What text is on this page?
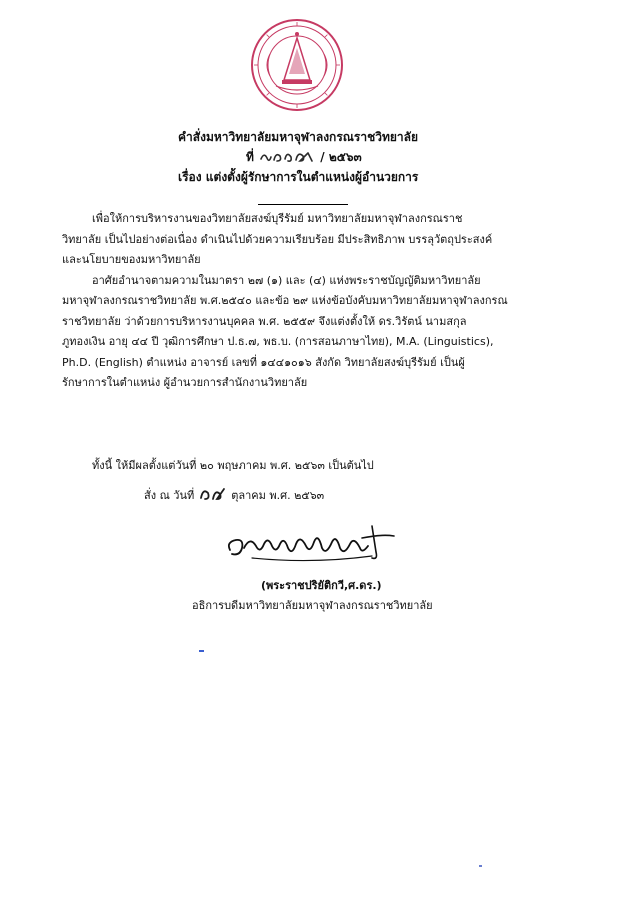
คำสั่งมหาวิทยาลัยมหาจุฬาลงกรณราชวิทยาลัย
ที่	/ ๒๕๖๓
เรื่อง แต่งตั้งผู้รักษาการในตำแหน่งผู้อำนวยการ

เพื่อให้การบริหารงานของวิทยาลัยสงฆ์บุรีรัมย์ มหาวิทยาลัยมหาจุฬาลงกรณราช

วิทยาลัย เป็นไปอย่างต่อเนื่อง ดำเนินไปด้วยความเรียบร้อย มีประสิทธิภาพ บรรลุวัตถุประสงค์

และนโยบายของมหาวิทยาลัย

อาศัยอำนาจตามความในมาตรา ๒๗ (๑) และ (๔) แห่งพระราชบัญญัติมหาวิทยาลัย

มหาจุฬาลงกรณราชวิทยาลัย พ.ศ.๒๕๔๐ และข้อ ๒๙ แห่งข้อบังคับมหาวิทยาลัยมหาจุฬาลงกรณ

ราชวิทยาลัย ว่าด้วยการบริหารงานบุคคล พ.ศ. ๒๕๕๙ จึงแต่งตั้งให้ ดร.วิรัตน์ นามสกุล

ภูทองเงิน อายุ ๔๔ ปี วุฒิการศึกษา ป.ธ.๗, พธ.บ. (การสอนภาษาไทย), M.A. (Linguistics),

Ph.D. (English) ตำแหน่ง อาจารย์ เลขที่ ๑๔๔๑๐๑๖ สังกัด วิทยาลัยสงฆ์บุรีรัมย์ เป็นผู้

รักษาการในตำแหน่ง ผู้อำนวยการสำนักงานวิทยาลัย

ทั้งนี้ ให้มีผลตั้งแต่วันที่ ๒๐ พฤษภาคม พ.ศ. ๒๕๖๓ เป็นต้นไป
สั่ง ณ วันที่	ตุลาคม พ.ศ. ๒๕๖๓
(พระราชปริยัติกวี,ศ.ดร.)
อธิการบดีมหาวิทยาลัยมหาจุฬาลงกรณราชวิทยาลัย
